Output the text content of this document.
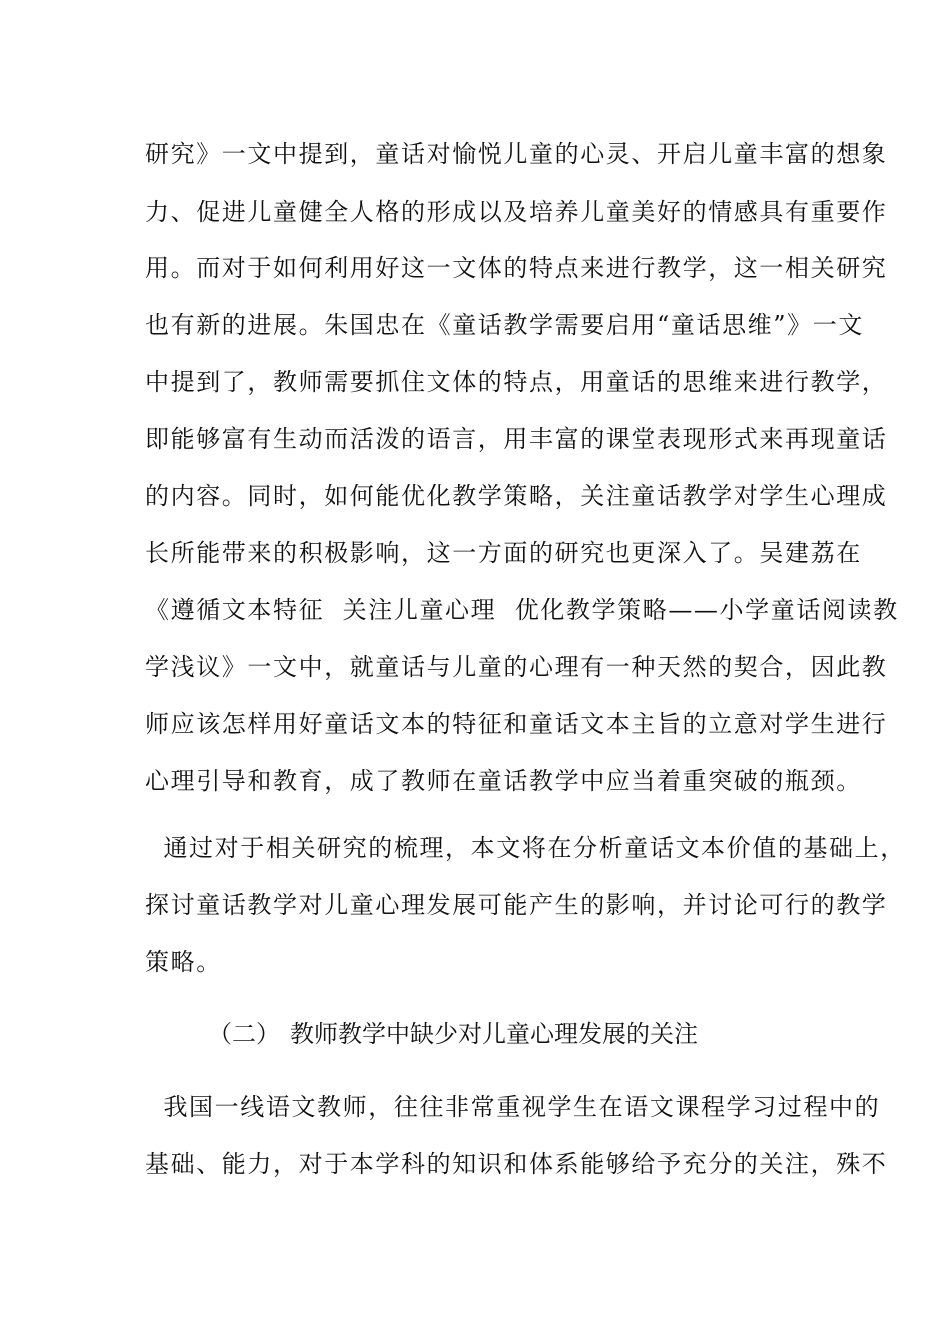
研究》一文中提到，童话对愉悦儿童的心灵、开启儿童丰富的想象
力、促进儿童健全人格的形成以及培养儿童美好的情感具有重要作
用。而对于如何利用好这一文体的特点来进行教学，这一相关研究
也有新的进展。朱国忠在《童话教学需要启用“童话思维”》一文
中提到了，教师需要抓住文体的特点，用童话的思维来进行教学，
即能够富有生动而活泼的语言，用丰富的课堂表现形式来再现童话
的内容。同时，如何能优化教学策略，关注童话教学对学生心理成
长所能带来的积极影响，这一方面的研究也更深入了。吴建荔在
《遵循文本特征  关注儿童心理  优化教学策略——小学童话阅读教
学浅议》一文中，就童话与儿童的心理有一种天然的契合，因此教
师应该怎样用好童话文本的特征和童话文本主旨的立意对学生进行
心理引导和教育，成了教师在童话教学中应当着重突破的瓶颈。
通过对于相关研究的梳理，本文将在分析童话文本价值的基础上，
探讨童话教学对儿童心理发展可能产生的影响，并讨论可行的教学
策略。
（二） 教师教学中缺少对儿童心理发展的关注
我国一线语文教师，往往非常重视学生在语文课程学习过程中的
基础、能力，对于本学科的知识和体系能够给予充分的关注，殊不
